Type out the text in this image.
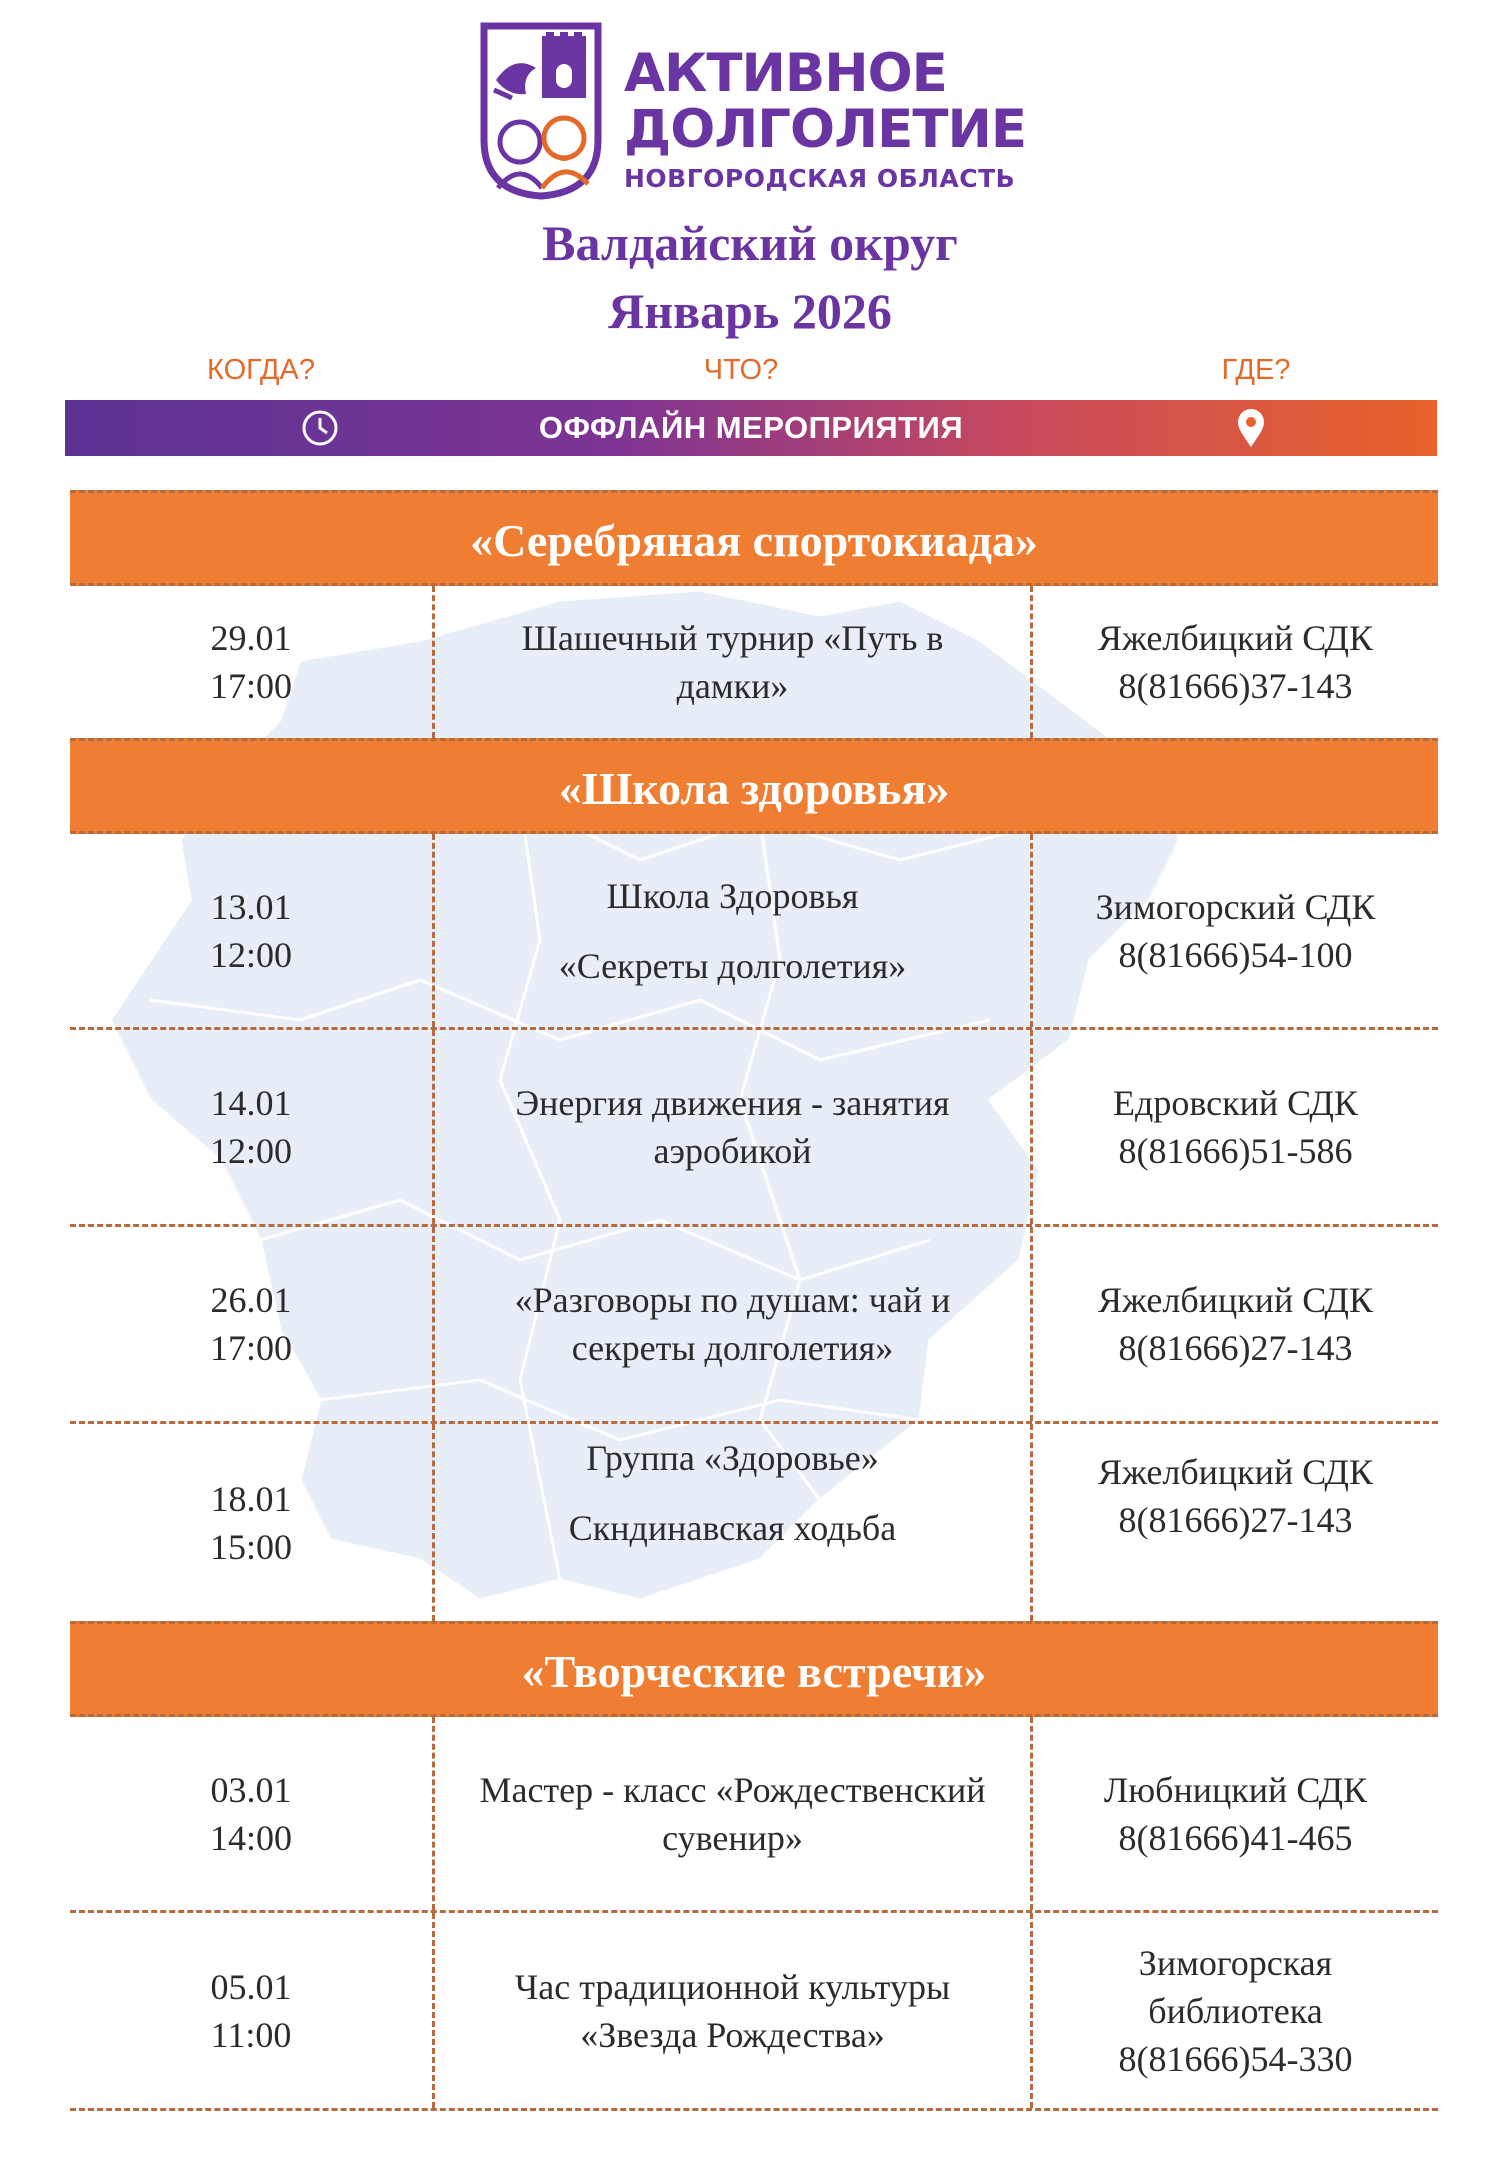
АКТИВНОЕ
ДОЛГОЛЕТИЕ
НОВГОРОДСКАЯ ОБЛАСТЬ
Валдайский округ
Январь 2026
КОГДА?	ЧТО?	ГДЕ?
ОФФЛАЙН МЕРОПРИЯТИЯ
«Серебряная спортокиада»
29.01
17:00
Шашечный турнир «Путь в
дамки»
Яжелбицкий СДК
8(81666)37-143
«Школа здоровья»
13.01
12:00
Школа Здоровья
«Секреты долголетия»
Зимогорский СДК
8(81666)54-100
14.01
12:00
Энергия движения - занятия
аэробикой
Едровский СДК
8(81666)51-586
26.01
17:00
«Разговоры по душам: чай и
секреты долголетия»
Яжелбицкий СДК
8(81666)27-143
18.01
15:00
Группа «Здоровье»
Скндинавская ходьба
Яжелбицкий СДК
8(81666)27-143
«Творческие встречи»
03.01
14:00
Мастер - класс «Рождественский
сувенир»
Любницкий СДК
8(81666)41-465
05.01
11:00
Час традиционной культуры
«Звезда Рождества»
Зимогорская
библиотека
8(81666)54-330
